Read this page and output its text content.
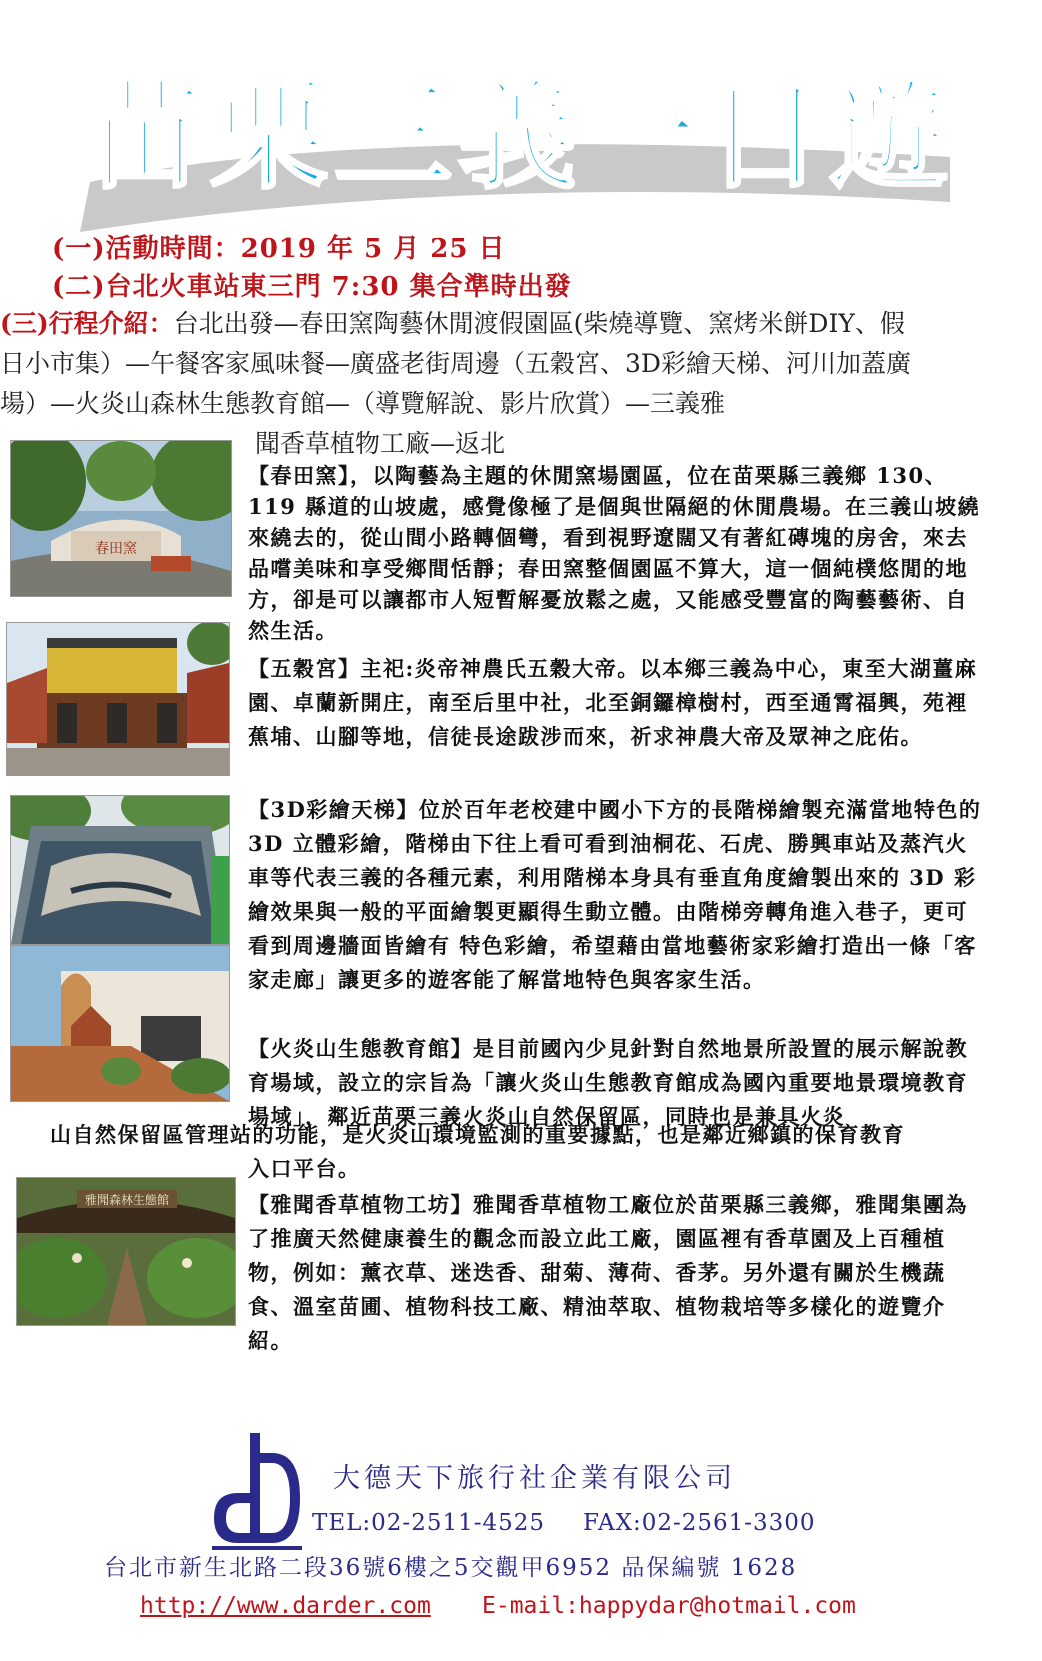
苗栗三義一日遊
(一)活動時間：2019 年 5 月 25 日
(二)台北火車站東三門 7:30 集合準時出發
(三)行程介紹：台北出發—春田窯陶藝休閒渡假園區(柴燒導覽、窯烤米餅DIY、假日小市集）—午餐客家風味餐—廣盛老街周邊（五穀宮、3D彩繪天梯、河川加蓋廣場）—火炎山森林生態教育館—（導覽解說、影片欣賞）—三義雅
聞香草植物工廠—返北
春田窯
雅聞森林生態館
【春田窯】，以陶藝為主題的休閒窯場園區，位在苗栗縣三義鄉 130、119 縣道的山坡處，感覺像極了是個與世隔絕的休閒農場。在三義山坡繞來繞去的，從山間小路轉個彎，看到視野遼闊又有著紅磚塊的房舍，來去品嚐美味和享受鄉間恬靜；春田窯整個園區不算大，這一個純樸悠閒的地方，卻是可以讓都市人短暫解憂放鬆之處，又能感受豐富的陶藝藝術、自然生活。
【五穀宮】主祀:炎帝神農氏五穀大帝。以本鄉三義為中心，東至大湖薑麻園、卓蘭新開庄，南至后里中社，北至銅鑼樟樹村，西至通霄福興，苑裡蕉埔、山腳等地，信徒長途跋涉而來，祈求神農大帝及眾神之庇佑。
【3D彩繪天梯】位於百年老校建中國小下方的長階梯繪製充滿當地特色的 3D 立體彩繪，階梯由下往上看可看到油桐花、石虎、勝興車站及蒸汽火車等代表三義的各種元素，利用階梯本身具有垂直角度繪製出來的 3D 彩繪效果與一般的平面繪製更顯得生動立體。由階梯旁轉角進入巷子，更可看到周邊牆面皆繪有 特色彩繪，希望藉由當地藝術家彩繪打造出一條「客家走廊」讓更多的遊客能了解當地特色與客家生活。
【火炎山生態教育館】是目前國內少見針對自然地景所設置的展示解說教育場域，設立的宗旨為「讓火炎山生態教育館成為國內重要地景環境教育場域」，鄰近苗栗三義火炎山自然保留區，同時也是兼具火炎
山自然保留區管理站的功能，是火炎山環境監測的重要據點，也是鄰近鄉鎮的保育教育
入口平台。
【雅聞香草植物工坊】雅聞香草植物工廠位於苗栗縣三義鄉，雅聞集團為了推廣天然健康養生的觀念而設立此工廠，園區裡有香草園及上百種植物，例如：薰衣草、迷迭香、甜菊、薄荷、香茅。另外還有關於生機蔬食、溫室苗圃、植物科技工廠、精油萃取、植物栽培等多樣化的遊覽介紹。
大德天下旅行社企業有限公司
TEL:02-2511-4525 FAX:02-2561-3300
台北市新生北路二段36號6樓之5交觀甲6952 品保編號 1628
http://www.darder.com E-mail:happydar@hotmail.com
